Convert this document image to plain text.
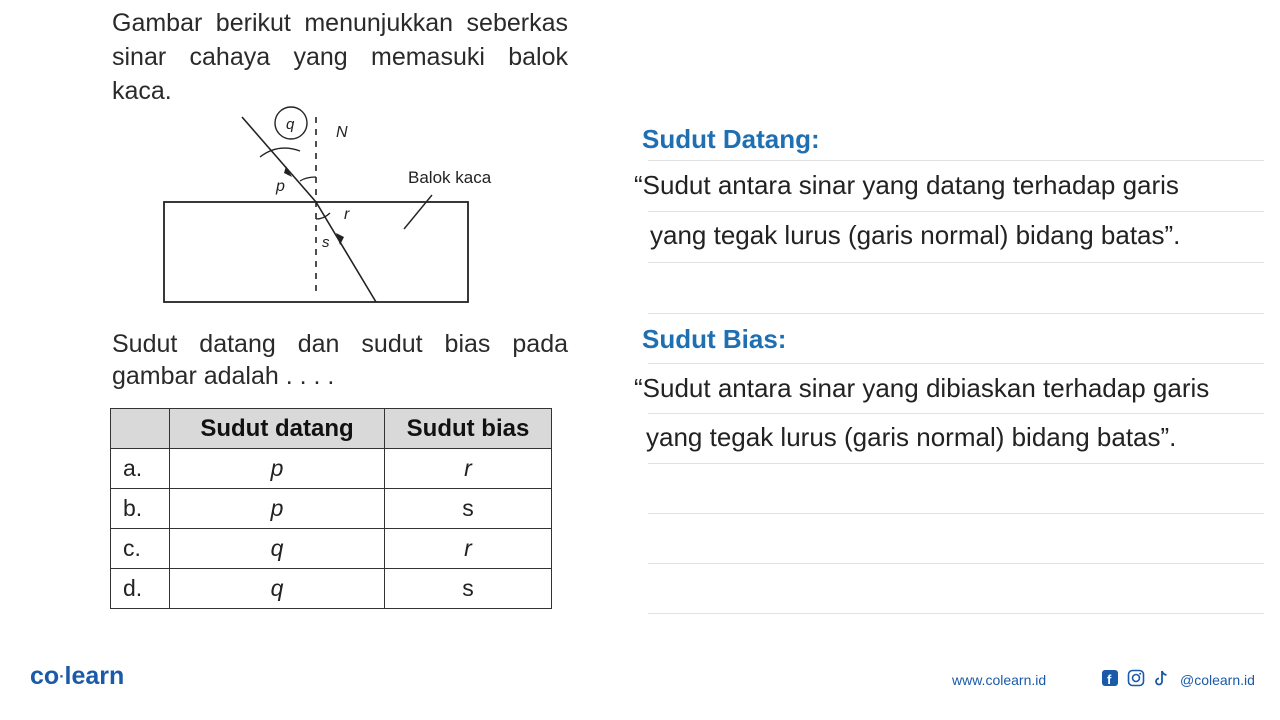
Gambar berikut menunjukkan seberkas sinar cahaya yang memasuki balok kaca.
q	N
p
r
s
Balok kaca
Sudut datang dan sudut bias pada gambar adalah . . . .
	Sudut datang	Sudut bias
a.	p	r
b.	p	s
c.	q	r
d.	q	s
Sudut Datang:
“Sudut antara sinar yang datang terhadap garis
yang tegak lurus (garis normal) bidang batas”.
Sudut Bias:
“Sudut antara sinar yang dibiaskan terhadap garis
yang tegak lurus (garis normal) bidang batas”.
co·learn	www.colearn.id	f	@colearn.id
